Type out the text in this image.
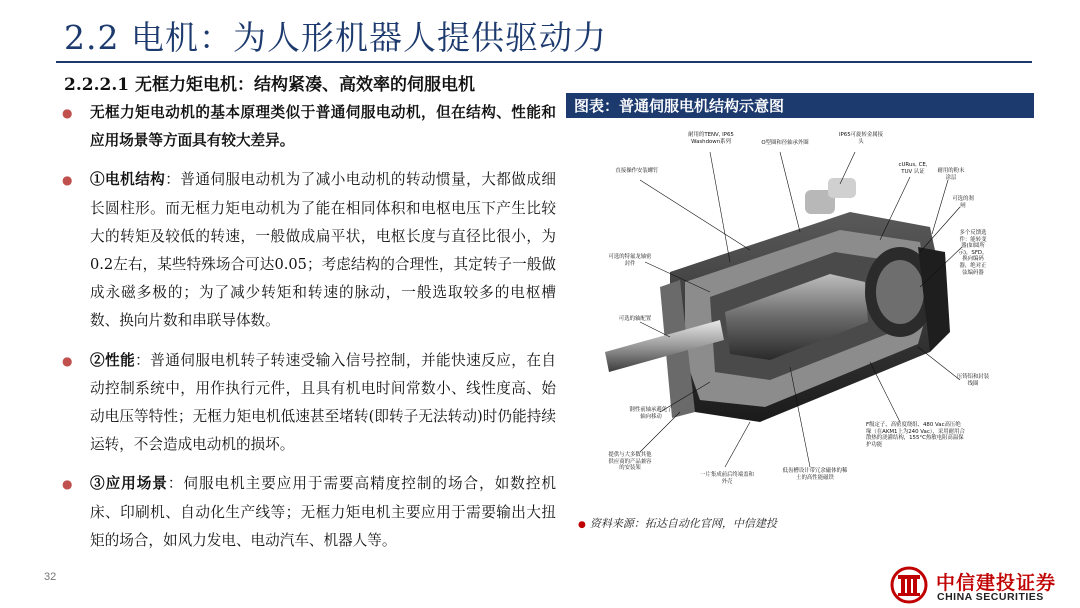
2.2 电机：为人形机器人提供驱动力
2.2.2.1 无框力矩电机：结构紧凑、高效率的伺服电机
● 无框力矩电动机的基本原理类似于普通伺服电动机，但在结构、性能和应用场景等方面具有较大差异。
● ①电机结构：普通伺服电动机为了减小电动机的转动惯量，大都做成细长圆柱形。而无框力矩电动机为了能在相同体积和电枢电压下产生比较大的转矩及较低的转速，一般做成扁平状，电枢长度与直径比很小，为0.2左右，某些特殊场合可达0.05；考虑结构的合理性，其定转子一般做成永磁多极的；为了减少转矩和转速的脉动，一般选取较多的电枢槽数、换向片数和串联导体数。
● ②性能：普通伺服电机转子转速受输入信号控制，并能快速反应，在自动控制系统中，用作执行元件，且具有机电时间常数小、线性度高、始动电压等特性；无框力矩电机低速甚至堵转(即转子无法转动)时仍能持续运转，不会造成电动机的损坏。
● ③应用场景：伺服电机主要应用于需要高精度控制的场合，如数控机床、印刷机、自动化生产线等；无框力矩电机主要应用于需要输出大扭矩的场合，如风力发电、电动汽车、机器人等。
图表：普通伺服电机结构示意图
耐用的TENV, IP65 Washdown系列	O型圈和径轴承外圈
IP65可旋转金属接头
直接操作安装螺钉
cURus, CE, TUV 认证	耐用的粉末涂层
可选的刹闸
多个反馈选件：能转变器(如圆所示)，SFD，换向编码器，绝对正弦编码器
可选的特氟龙轴密封件
可选的轴配置
压铸铝和封装线圈
钢性前轴承避免了轴向移动
F级定子、高密度绕组、480 Vac高压绝缘（在AKM1上为240 Vac），采用耐用合散热的浇灌结构，155°C热敏电阻高温保护功能
提供与大多数其他供应商的产品兼容的安装架
一片集成前后终端盖和外壳
低齿槽设计带冗余磁体的稀土的高性能磁铁
● 资料来源：拓达自动化官网，中信建投
32	中信建投证券
CHINA SECURITIES
